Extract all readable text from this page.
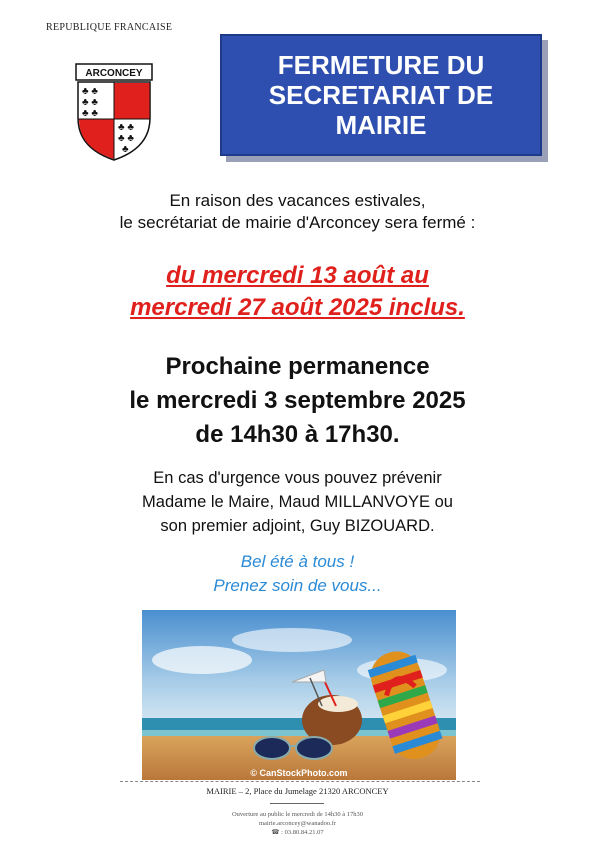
REPUBLIQUE FRANCAISE
ARCONCEY
♣ ♣
♣ ♣
♣ ♣
♣ ♣
♣ ♣
♣
FERMETURE DU
SECRETARIAT DE
MAIRIE
En raison des vacances estivales,
le secrétariat de mairie d'Arconcey sera fermé :
du mercredi 13 août au
mercredi 27 août 2025 inclus.
Prochaine permanence
le mercredi 3 septembre 2025
de 14h30 à 17h30.
En cas d'urgence vous pouvez prévenir
Madame le Maire, Maud MILLANVOYE ou
son premier adjoint, Guy BIZOUARD.
Bel été à tous !
Prenez soin de vous...
© CanStockPhoto.com
MAIRIE – 2, Place du Jumelage 21320 ARCONCEY
Ouverture au public le mercredi de 14h30 à 17h30
mairie.arconcey@wanadoo.fr
☎ : 03.80.84.21.07
